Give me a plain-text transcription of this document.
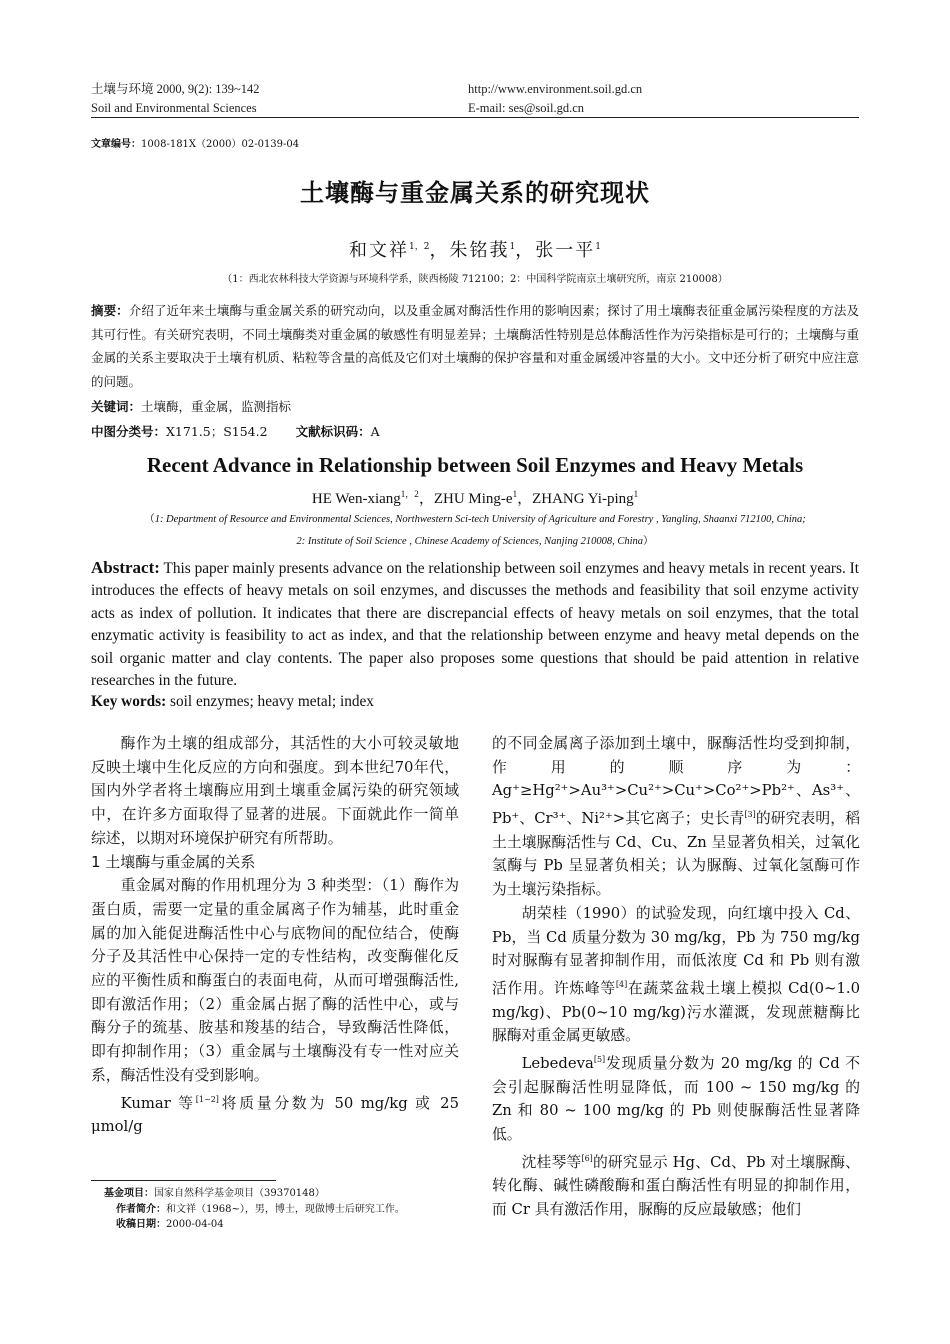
土壤与环境 2000, 9(2): 139~142
Soil and Environmental Sciences
http://www.environment.soil.gd.cn
E-mail: ses@soil.gd.cn
文章编号：1008-181X（2000）02-0139-04
土壤酶与重金属关系的研究现状
和文祥$^{1,2}$，朱铭莪$^1$，张一平$^1$
（1：西北农林科技大学资源与环境科学系，陕西杨陵 712100；2：中国科学院南京土壤研究所，南京 210008）
摘要：介绍了近年来土壤酶与重金属关系的研究动向，以及重金属对酶活性作用的影响因素；探讨了用土壤酶表征重金属污染程度的方法及其可行性。有关研究表明，不同土壤酶类对重金属的敏感性有明显差异；土壤酶活性特别是总体酶活性作为污染指标是可行的；土壤酶与重金属的关系主要取决于土壤有机质、粘粒等含量的高低及它们对土壤酶的保护容量和对重金属缓冲容量的大小。文中还分析了研究中应注意的问题。
关键词：土壤酶，重金属，监测指标
中图分类号：X171.5；S154.2 文献标识码：A
Recent Advance in Relationship between Soil Enzymes and Heavy Metals
HE Wen-xiang$^{1,2}$，ZHU Ming-$e^1$，ZHANG Yi-ping$^1$
（1: Department of Resource and Environmental Sciences, Northwestern Sci-tech University of Agriculture and Forestry , Yangling, Shaanxi 712100, China;
2: Institute of Soil Science , Chinese Academy of Sciences, Nanjing 210008, China）
Abstract: This paper mainly presents advance on the relationship between soil enzymes and heavy metals in recent years. It introduces the effects of heavy metals on soil enzymes, and discusses the methods and feasibility that soil enzyme activity acts as index of pollution. It indicates that there are discrepancial effects of heavy metals on soil enzymes, that the total enzymatic activity is feasibility to act as index, and that the relationship between enzyme and heavy metal depends on the soil organic matter and clay contents. The paper also proposes some questions that should be paid attention in relative researches in the future.
Key words: soil enzymes; heavy metal; index

酶作为土壤的组成部分，其活性的大小可较灵敏地反映土壤中生化反应的方向和强度。到本世纪70年代，国内外学者将土壤酶应用到土壤重金属污染的研究领域中，在许多方面取得了显著的进展。下面就此作一简单综述，以期对环境保护研究有所帮助。

1 土壤酶与重金属的关系

重金属对酶的作用机理分为 3 种类型：（1）酶作为蛋白质，需要一定量的重金属离子作为辅基，此时重金属的加入能促进酶活性中心与底物间的配位结合，使酶分子及其活性中心保持一定的专性结构，改变酶催化反应的平衡性质和酶蛋白的表面电荷，从而可增强酶活性,即有激活作用；（2）重金属占据了酶的活性中心，或与酶分子的巯基、胺基和羧基的结合，导致酶活性降低，即有抑制作用；（3）重金属与土壤酶没有专一性对应关系，酶活性没有受到影响。

Kumar 等[1~2]将质量分数为 50 mg/kg 或 25 μmol/g

的不同金属离子添加到土壤中，脲酶活性均受到抑制，作用的顺序为：Ag⁺≥Hg²⁺>Au³⁺>Cu²⁺>Cu⁺>Co²⁺>Pb²⁺、As³⁺、Pb⁺、Cr³⁺、Ni²⁺>其它离子；史长青[3]的研究表明，稻土土壤脲酶活性与 Cd、Cu、Zn 呈显著负相关，过氧化氢酶与 Pb 呈显著负相关；认为脲酶、过氧化氢酶可作为土壤污染指标。

胡荣桂（1990）的试验发现，向红壤中投入 Cd、Pb，当 Cd 质量分数为 30 mg/kg，Pb 为 750 mg/kg 时对脲酶有显著抑制作用，而低浓度 Cd 和 Pb 则有激活作用。许炼峰等[4]在蔬菜盆栽土壤上模拟 Cd(0~1.0 mg/kg)、Pb(0~10 mg/kg)污水灌溉，发现蔗糖酶比脲酶对重金属更敏感。

Lebedeva[5]发现质量分数为 20 mg/kg 的 Cd 不会引起脲酶活性明显降低，而 100 ~ 150 mg/kg 的 Zn 和 80 ~ 100 mg/kg 的 Pb 则使脲酶活性显著降低。

沈桂琴等[6]的研究显示 Hg、Cd、Pb 对土壤脲酶、转化酶、碱性磷酸酶和蛋白酶活性有明显的抑制作用，而 Cr 具有激活作用，脲酶的反应最敏感；他们

基金项目：国家自然科学基金项目（39370148）
作者简介：和文祥（1968~），男，博士，现做博士后研究工作。
收稿日期：2000-04-04
